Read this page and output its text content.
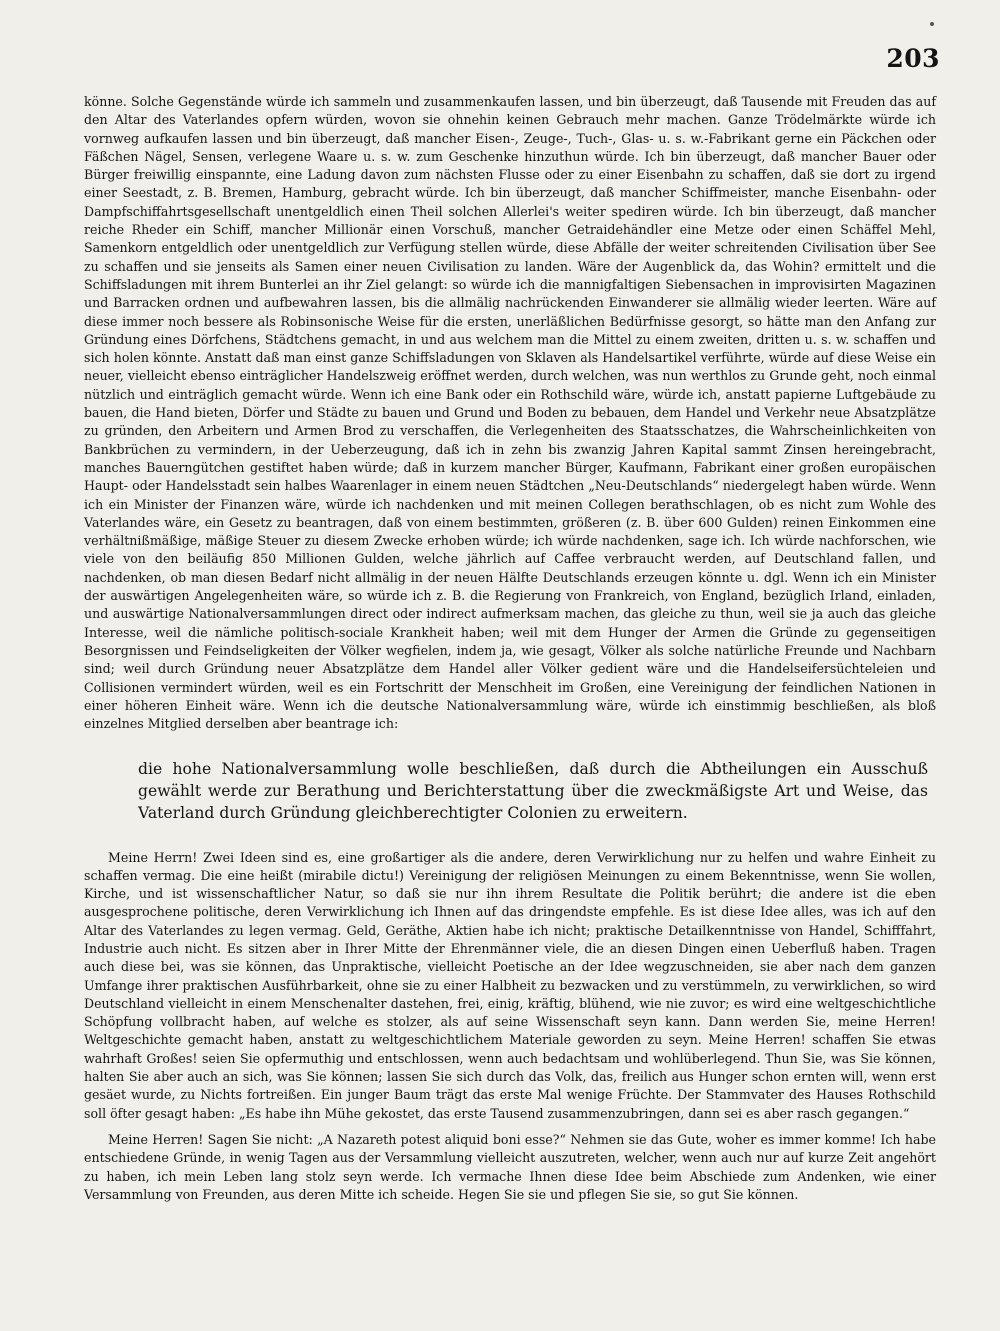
203

könne. Solche Gegenstände würde ich sammeln und zusammenkaufen lassen, und bin überzeugt, daß Tausende mit Freuden das auf den Altar des Vaterlandes opfern würden, wovon sie ohnehin keinen Gebrauch mehr machen. Ganze Trödelmärkte würde ich vornweg aufkaufen lassen und bin überzeugt, daß mancher Eisen-, Zeuge-, Tuch-, Glas- u. s. w.-Fabrikant gerne ein Päckchen oder Fäßchen Nägel, Sensen, verlegene Waare u. s. w. zum Geschenke hinzuthun würde. Ich bin überzeugt, daß mancher Bauer oder Bürger freiwillig einspannte, eine Ladung davon zum nächsten Flusse oder zu einer Eisenbahn zu schaffen, daß sie dort zu irgend einer Seestadt, z. B. Bremen, Hamburg, gebracht würde. Ich bin überzeugt, daß mancher Schiffmeister, manche Eisenbahn- oder Dampfschiffahrtsgesellschaft unentgeldlich einen Theil solchen Allerlei's weiter spediren würde. Ich bin überzeugt, daß mancher reiche Rheder ein Schiff, mancher Millionär einen Vorschuß, mancher Getraidehändler eine Metze oder einen Schäffel Mehl, Samenkorn entgeldlich oder unentgeldlich zur Verfügung stellen würde, diese Abfälle der weiter schreitenden Civilisation über See zu schaffen und sie jenseits als Samen einer neuen Civilisation zu landen. Wäre der Augenblick da, das Wohin? ermittelt und die Schiffsladungen mit ihrem Bunterlei an ihr Ziel gelangt: so würde ich die mannigfaltigen Siebensachen in improvisirten Magazinen und Barracken ordnen und aufbewahren lassen, bis die allmälig nachrückenden Einwanderer sie allmälig wieder leerten. Wäre auf diese immer noch bessere als Robinsonische Weise für die ersten, unerläßlichen Bedürfnisse gesorgt, so hätte man den Anfang zur Gründung eines Dörfchens, Städtchens gemacht, in und aus welchem man die Mittel zu einem zweiten, dritten u. s. w. schaffen und sich holen könnte. Anstatt daß man einst ganze Schiffsladungen von Sklaven als Handelsartikel verführte, würde auf diese Weise ein neuer, vielleicht ebenso einträglicher Handelszweig eröffnet werden, durch welchen, was nun werthlos zu Grunde geht, noch einmal nützlich und einträglich gemacht würde. Wenn ich eine Bank oder ein Rothschild wäre, würde ich, anstatt papierne Luftgebäude zu bauen, die Hand bieten, Dörfer und Städte zu bauen und Grund und Boden zu bebauen, dem Handel und Verkehr neue Absatzplätze zu gründen, den Arbeitern und Armen Brod zu verschaffen, die Verlegenheiten des Staatsschatzes, die Wahrscheinlichkeiten von Bankbrüchen zu vermindern, in der Ueberzeugung, daß ich in zehn bis zwanzig Jahren Kapital sammt Zinsen hereingebracht, manches Bauerngütchen gestiftet haben würde; daß in kurzem mancher Bürger, Kaufmann, Fabrikant einer großen europäischen Haupt- oder Handelsstadt sein halbes Waarenlager in einem neuen Städtchen „Neu-Deutschlands“ niedergelegt haben würde. Wenn ich ein Minister der Finanzen wäre, würde ich nachdenken und mit meinen Collegen berathschlagen, ob es nicht zum Wohle des Vaterlandes wäre, ein Gesetz zu beantragen, daß von einem bestimmten, größeren (z. B. über 600 Gulden) reinen Einkommen eine verhältnißmäßige, mäßige Steuer zu diesem Zwecke erhoben würde; ich würde nachdenken, sage ich. Ich würde nachforschen, wie viele von den beiläufig 850 Millionen Gulden, welche jährlich auf Caffee verbraucht werden, auf Deutschland fallen, und nachdenken, ob man diesen Bedarf nicht allmälig in der neuen Hälfte Deutschlands erzeugen könnte u. dgl. Wenn ich ein Minister der auswärtigen Angelegenheiten wäre, so würde ich z. B. die Regierung von Frankreich, von England, bezüglich Irland, einladen, und auswärtige Nationalversammlungen direct oder indirect aufmerksam machen, das gleiche zu thun, weil sie ja auch das gleiche Interesse, weil die nämliche politisch-sociale Krankheit haben; weil mit dem Hunger der Armen die Gründe zu gegenseitigen Besorgnissen und Feindseligkeiten der Völker wegfielen, indem ja, wie gesagt, Völker als solche natürliche Freunde und Nachbarn sind; weil durch Gründung neuer Absatzplätze dem Handel aller Völker gedient wäre und die Handelseifersüchteleien und Collisionen vermindert würden, weil es ein Fortschritt der Menschheit im Großen, eine Vereinigung der feindlichen Nationen in einer höheren Einheit wäre. Wenn ich die deutsche Nationalversammlung wäre, würde ich einstimmig beschließen, als bloß einzelnes Mitglied derselben aber beantrage ich:

die hohe Nationalversammlung wolle beschließen, daß durch die Abtheilungen ein Ausschuß gewählt werde zur Berathung und Berichterstattung über die zweckmäßigste Art und Weise, das Vaterland durch Gründung gleichberechtigter Colonien zu erweitern.

Meine Herrn! Zwei Ideen sind es, eine großartiger als die andere, deren Verwirklichung nur zu helfen und wahre Einheit zu schaffen vermag. Die eine heißt (mirabile dictu!) Vereinigung der religiösen Meinungen zu einem Bekenntnisse, wenn Sie wollen, Kirche, und ist wissenschaftlicher Natur, so daß sie nur ihn ihrem Resultate die Politik berührt; die andere ist die eben ausgesprochene politische, deren Verwirklichung ich Ihnen auf das dringendste empfehle. Es ist diese Idee alles, was ich auf den Altar des Vaterlandes zu legen vermag. Geld, Geräthe, Aktien habe ich nicht; praktische Detailkenntnisse von Handel, Schifffahrt, Industrie auch nicht. Es sitzen aber in Ihrer Mitte der Ehrenmänner viele, die an diesen Dingen einen Ueberfluß haben. Tragen auch diese bei, was sie können, das Unpraktische, vielleicht Poetische an der Idee wegzuschneiden, sie aber nach dem ganzen Umfange ihrer praktischen Ausführbarkeit, ohne sie zu einer Halbheit zu bezwacken und zu verstümmeln, zu verwirklichen, so wird Deutschland vielleicht in einem Menschenalter dastehen, frei, einig, kräftig, blühend, wie nie zuvor; es wird eine weltgeschichtliche Schöpfung vollbracht haben, auf welche es stolzer, als auf seine Wissenschaft seyn kann. Dann werden Sie, meine Herren! Weltgeschichte gemacht haben, anstatt zu weltgeschichtlichem Materiale geworden zu seyn. Meine Herren! schaffen Sie etwas wahrhaft Großes! seien Sie opfermuthig und entschlossen, wenn auch bedachtsam und wohlüberlegend. Thun Sie, was Sie können, halten Sie aber auch an sich, was Sie können; lassen Sie sich durch das Volk, das, freilich aus Hunger schon ernten will, wenn erst gesäet wurde, zu Nichts fortreißen. Ein junger Baum trägt das erste Mal wenige Früchte. Der Stammvater des Hauses Rothschild soll öfter gesagt haben: „Es habe ihn Mühe gekostet, das erste Tausend zusammenzubringen, dann sei es aber rasch gegangen.“

Meine Herren! Sagen Sie nicht: „A Nazareth potest aliquid boni esse?“ Nehmen sie das Gute, woher es immer komme! Ich habe entschiedene Gründe, in wenig Tagen aus der Versammlung vielleicht auszutreten, welcher, wenn auch nur auf kurze Zeit angehört zu haben, ich mein Leben lang stolz seyn werde. Ich vermache Ihnen diese Idee beim Abschiede zum Andenken, wie einer Versammlung von Freunden, aus deren Mitte ich scheide. Hegen Sie sie und pflegen Sie sie, so gut Sie können.
